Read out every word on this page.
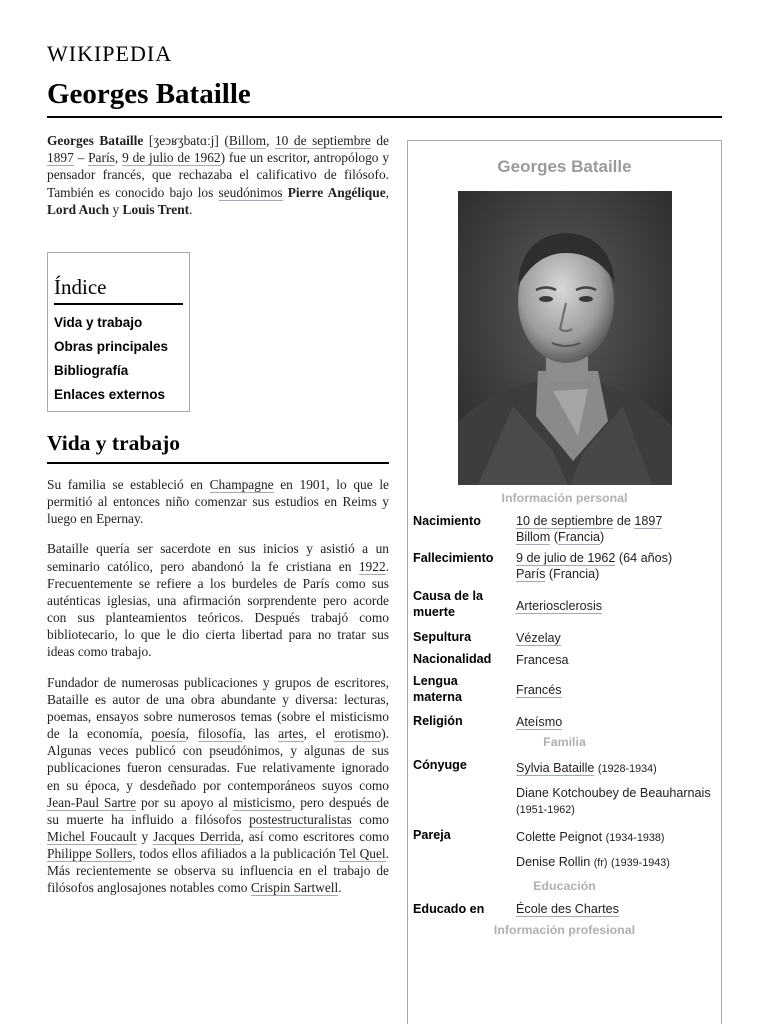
WIKIPEDIA
Georges Bataille

Georges Bataille [ʒeɔʁʒbatɑːj] (Billom, 10 de septiembre de 1897 – París, 9 de julio de 1962) fue un escritor, antropólogo y pensador francés, que rechazaba el calificativo de filósofo. También es conocido bajo los seudónimos Pierre Angélique, Lord Auch y Louis Trent.

Índice
Vida y trabajo
Obras principales
Bibliografía
Enlaces externos
Vida y trabajo

Su familia se estableció en Champagne en 1901, lo que le permitió al entonces niño comenzar sus estudios en Reims y luego en Epernay.

Bataille quería ser sacerdote en sus inicios y asistió a un seminario católico, pero abandonó la fe cristiana en 1922. Frecuentemente se refiere a los burdeles de París como sus auténticas iglesias, una afirmación sorprendente pero acorde con sus planteamientos teóricos. Después trabajó como bibliotecario, lo que le dio cierta libertad para no tratar sus ideas como trabajo.

Fundador de numerosas publicaciones y grupos de escritores, Bataille es autor de una obra abundante y diversa: lecturas, poemas, ensayos sobre numerosos temas (sobre el misticismo de la economía, poesía, filosofía, las artes, el erotismo). Algunas veces publicó con pseudónimos, y algunas de sus publicaciones fueron censuradas. Fue relativamente ignorado en su época, y desdeñado por contemporáneos suyos como Jean-Paul Sartre por su apoyo al misticismo, pero después de su muerte ha influido a filósofos postestructuralistas como Michel Foucault y Jacques Derrida, así como escritores como Philippe Sollers, todos ellos afiliados a la publicación Tel Quel. Más recientemente se observa su influencia en el trabajo de filósofos anglosajones notables como Crispin Sartwell.

Georges Bataille
Información personal
Nacimiento	10 de septiembre de 1897
Billom (Francia)
Fallecimiento	9 de julio de 1962 (64 años)
París (Francia)
Causa de la muerte	Arteriosclerosis
Sepultura	Vézelay
Nacionalidad	Francesa
Lengua materna	Francés
Religión	Ateísmo
Familia
Cónyuge	Sylvia Bataille (1928-1934)
Diane Kotchoubey de Beauharnais (1951-1962)
Pareja	Colette Peignot (1934-1938)
Denise Rollin (fr) (1939-1943)
Educación
Educado en	École des Chartes
Información profesional
